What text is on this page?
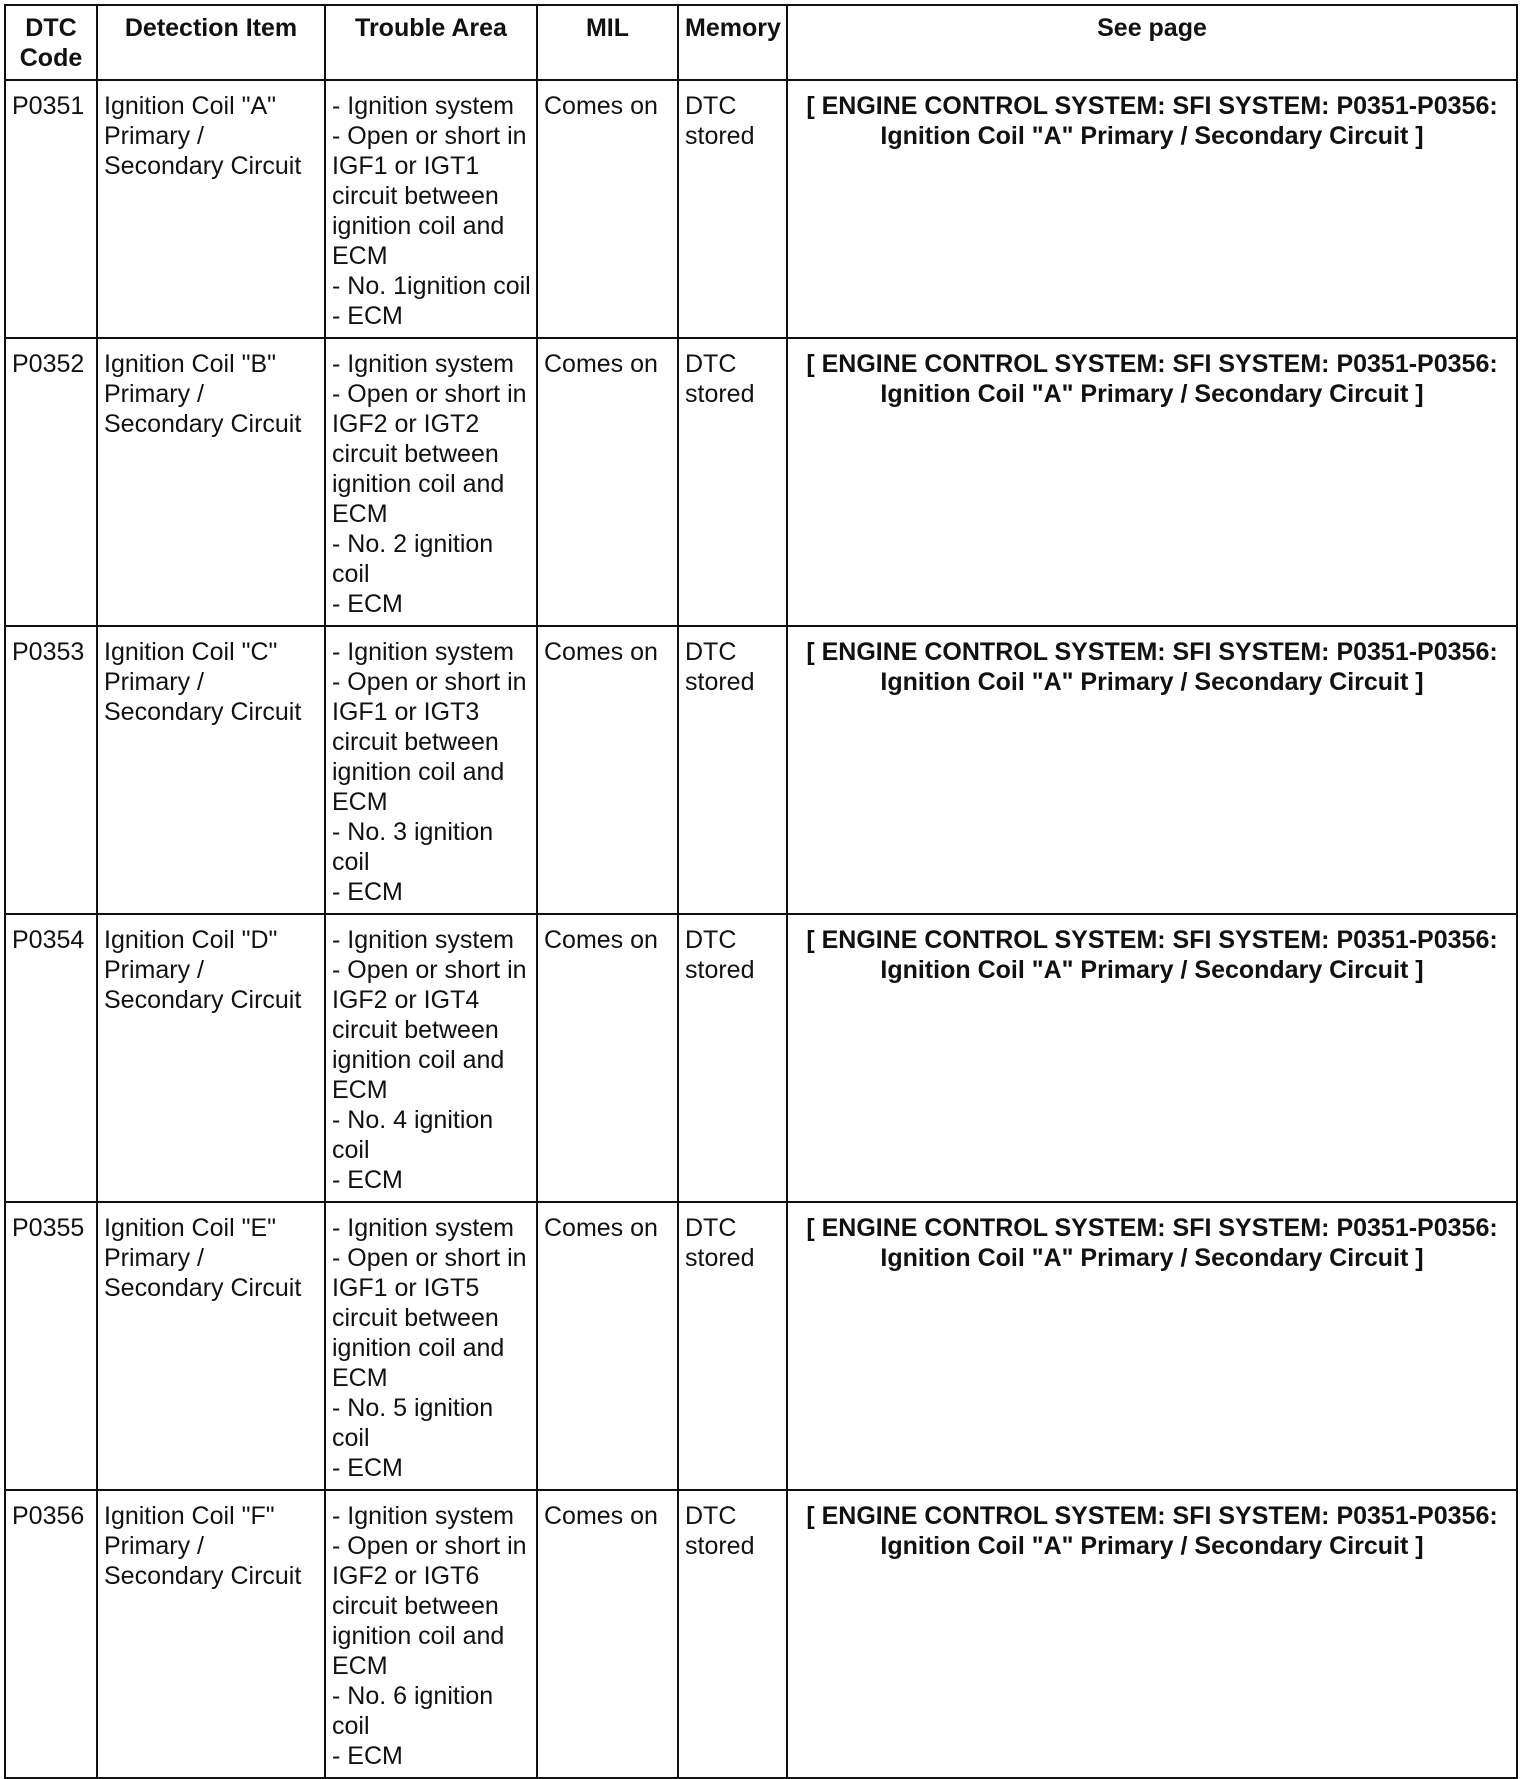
DTC Code	Detection Item	Trouble Area	MIL	Memory	See page
P0351	Ignition Coil "A" Primary / Secondary Circuit	- Ignition system
- Open or short in IGF1 or IGT1 circuit between ignition coil and ECM
- No. 1ignition coil
- ECM	Comes on	DTC stored	[ ENGINE CONTROL SYSTEM: SFI SYSTEM: P0351-P0356: Ignition Coil "A" Primary / Secondary Circuit ]
P0352	Ignition Coil "B" Primary / Secondary Circuit	- Ignition system
- Open or short in IGF2 or IGT2 circuit between ignition coil and ECM
- No. 2 ignition coil
- ECM	Comes on	DTC stored	[ ENGINE CONTROL SYSTEM: SFI SYSTEM: P0351-P0356: Ignition Coil "A" Primary / Secondary Circuit ]
P0353	Ignition Coil "C" Primary / Secondary Circuit	- Ignition system
- Open or short in IGF1 or IGT3 circuit between ignition coil and ECM
- No. 3 ignition coil
- ECM	Comes on	DTC stored	[ ENGINE CONTROL SYSTEM: SFI SYSTEM: P0351-P0356: Ignition Coil "A" Primary / Secondary Circuit ]
P0354	Ignition Coil "D" Primary / Secondary Circuit	- Ignition system
- Open or short in IGF2 or IGT4 circuit between ignition coil and ECM
- No. 4 ignition coil
- ECM	Comes on	DTC stored	[ ENGINE CONTROL SYSTEM: SFI SYSTEM: P0351-P0356: Ignition Coil "A" Primary / Secondary Circuit ]
P0355	Ignition Coil "E" Primary / Secondary Circuit	- Ignition system
- Open or short in IGF1 or IGT5 circuit between ignition coil and ECM
- No. 5 ignition coil
- ECM	Comes on	DTC stored	[ ENGINE CONTROL SYSTEM: SFI SYSTEM: P0351-P0356: Ignition Coil "A" Primary / Secondary Circuit ]
P0356	Ignition Coil "F" Primary / Secondary Circuit	- Ignition system
- Open or short in IGF2 or IGT6 circuit between ignition coil and ECM
- No. 6 ignition coil
- ECM	Comes on	DTC stored	[ ENGINE CONTROL SYSTEM: SFI SYSTEM: P0351-P0356: Ignition Coil "A" Primary / Secondary Circuit ]
